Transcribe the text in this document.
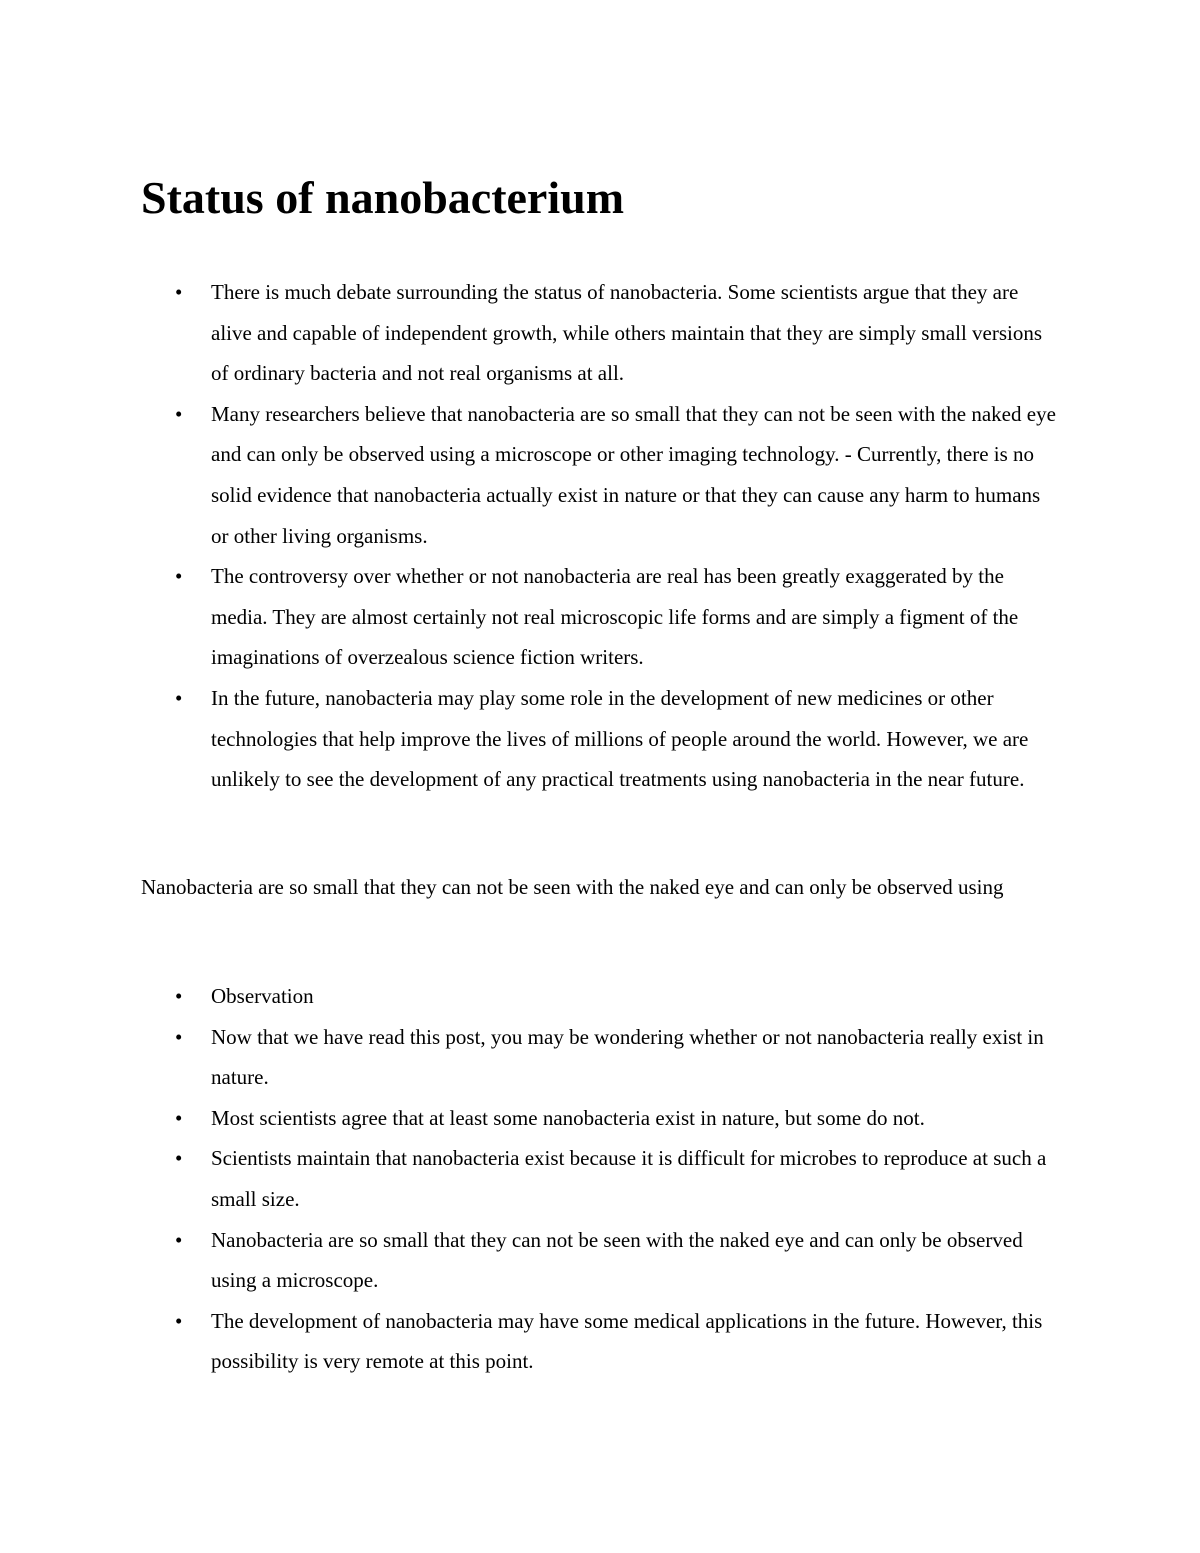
Status of nanobacterium
• There is much debate surrounding the status of nanobacteria. Some scientists argue that they are alive and capable of independent growth, while others maintain that they are simply small versions of ordinary bacteria and not real organisms at all.
• Many researchers believe that nanobacteria are so small that they can not be seen with the naked eye and can only be observed using a microscope or other imaging technology. - Currently, there is no solid evidence that nanobacteria actually exist in nature or that they can cause any harm to humans or other living organisms.
• The controversy over whether or not nanobacteria are real has been greatly exaggerated by the media. They are almost certainly not real microscopic life forms and are simply a figment of the imaginations of overzealous science fiction writers.
• In the future, nanobacteria may play some role in the development of new medicines or other technologies that help improve the lives of millions of people around the world. However, we are unlikely to see the development of any practical treatments using nanobacteria in the near future.

Nanobacteria are so small that they can not be seen with the naked eye and can only be observed using

• Observation
• Now that we have read this post, you may be wondering whether or not nanobacteria really exist in nature.
• Most scientists agree that at least some nanobacteria exist in nature, but some do not.
• Scientists maintain that nanobacteria exist because it is difficult for microbes to reproduce at such a small size.
• Nanobacteria are so small that they can not be seen with the naked eye and can only be observed using a microscope.
• The development of nanobacteria may have some medical applications in the future. However, this possibility is very remote at this point.
